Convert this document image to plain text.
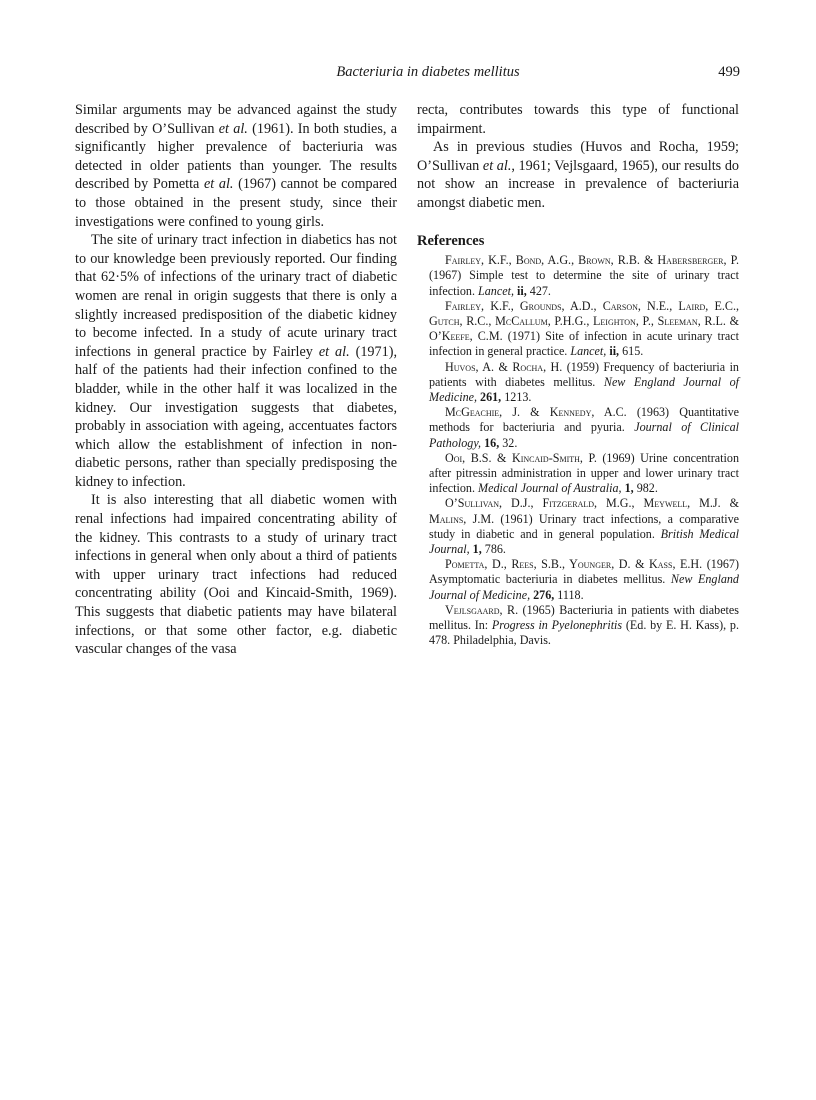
Bacteriuria in diabetes mellitus	499

Similar arguments may be advanced against the study described by O’Sullivan et al. (1961). In both studies, a significantly higher prevalence of bacteriuria was detected in older patients than younger. The results described by Pometta et al. (1967) cannot be compared to those obtained in the present study, since their investigations were confined to young girls.

The site of urinary tract infection in diabetics has not to our knowledge been previously reported. Our finding that 62·5% of infections of the urinary tract of diabetic women are renal in origin suggests that there is only a slightly increased predisposition of the diabetic kidney to become infected. In a study of acute urinary tract infections in general practice by Fairley et al. (1971), half of the patients had their infection confined to the bladder, while in the other half it was localized in the kidney. Our investigation suggests that diabetes, probably in association with ageing, accentuates factors which allow the establishment of infection in non-diabetic persons, rather than specially predisposing the kidney to infection.

It is also interesting that all diabetic women with renal infections had impaired concentrating ability of the kidney. This contrasts to a study of urinary tract infections in general when only about a third of patients with upper urinary tract infections had reduced concentrating ability (Ooi and Kincaid-Smith, 1969). This suggests that diabetic patients may have bilateral infections, or that some other factor, e.g. diabetic vascular changes of the vasa

recta, contributes towards this type of functional impairment.

As in previous studies (Huvos and Rocha, 1959; O’Sullivan et al., 1961; Vejlsgaard, 1965), our results do not show an increase in prevalence of bacteriuria amongst diabetic men.

References

Fairley, K.F., Bond, A.G., Brown, R.B. & Habersberger, P. (1967) Simple test to determine the site of urinary tract infection. Lancet, ii, 427.

Fairley, K.F., Grounds, A.D., Carson, N.E., Laird, E.C., Gutch, R.C., McCallum, P.H.G., Leighton, P., Sleeman, R.L. & O’Keefe, C.M. (1971) Site of infection in acute urinary tract infection in general practice. Lancet, ii, 615.

Huvos, A. & Rocha, H. (1959) Frequency of bacteriuria in patients with diabetes mellitus. New England Journal of Medicine, 261, 1213.

McGeachie, J. & Kennedy, A.C. (1963) Quantitative methods for bacteriuria and pyuria. Journal of Clinical Pathology, 16, 32.

Ooi, B.S. & Kincaid-Smith, P. (1969) Urine concentration after pitressin administration in upper and lower urinary tract infection. Medical Journal of Australia, 1, 982.

O’Sullivan, D.J., Fitzgerald, M.G., Meywell, M.J. & Malins, J.M. (1961) Urinary tract infections, a comparative study in diabetic and in general population. British Medical Journal, 1, 786.

Pometta, D., Rees, S.B., Younger, D. & Kass, E.H. (1967) Asymptomatic bacteriuria in diabetes mellitus. New England Journal of Medicine, 276, 1118.

Vejlsgaard, R. (1965) Bacteriuria in patients with diabetes mellitus. In: Progress in Pyelonephritis (Ed. by E. H. Kass), p. 478. Philadelphia, Davis.
